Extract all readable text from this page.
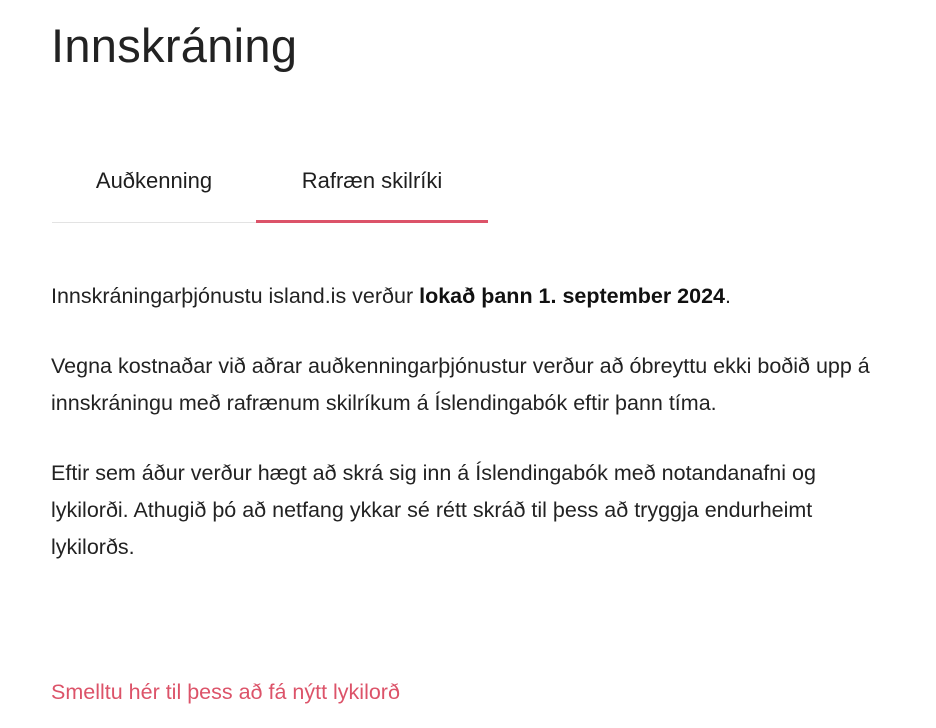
Innskráning
Auðkenning	Rafræn skilríki

Innskráningarþjónustu island.is verður lokað þann 1. september 2024.

Vegna kostnaðar við aðrar auðkenningarþjónustur verður að óbreyttu ekki boðið upp á innskráningu með rafrænum skilríkum á Íslendingabók eftir þann tíma.

Eftir sem áður verður hægt að skrá sig inn á Íslendingabók með notandanafni og lykilorði. Athugið þó að netfang ykkar sé rétt skráð til þess að tryggja endurheimt lykilorðs.

Smelltu hér til þess að fá nýtt lykilorð
